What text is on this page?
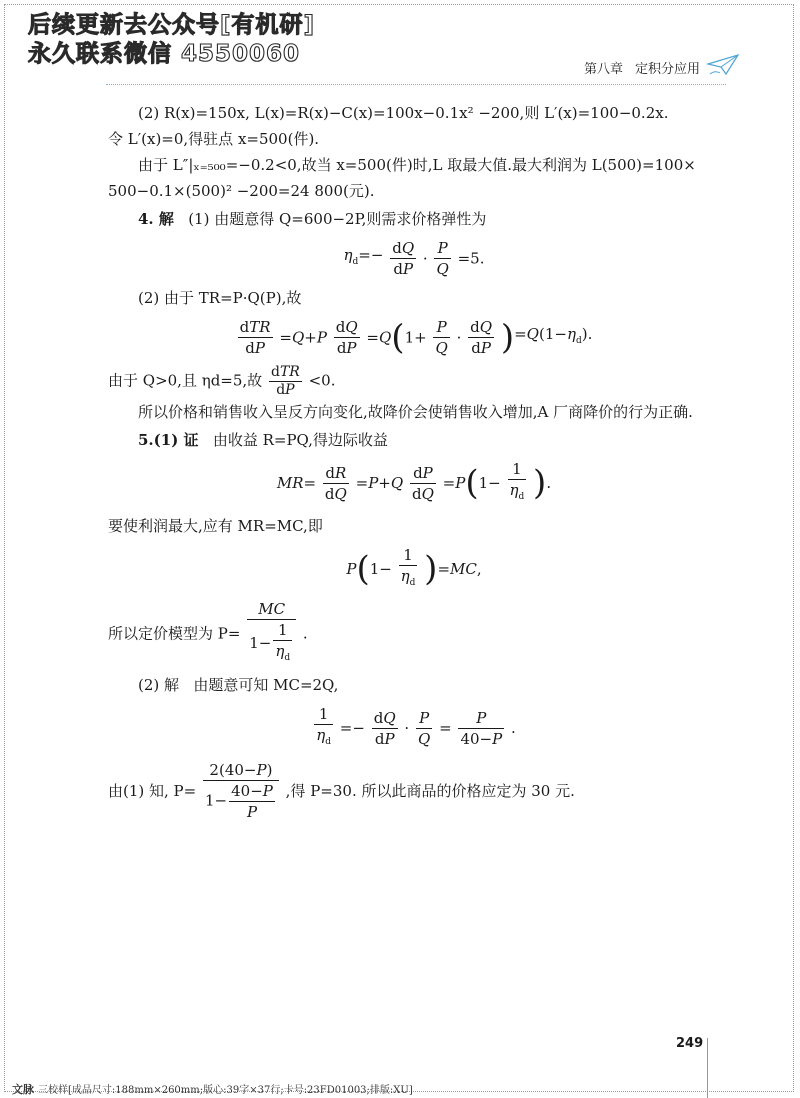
后续更新去公众号[有机研]
永久联系微信 4550060
第八章 定积分应用

(2) R(x)=150x, L(x)=R(x)−C(x)=100x−0.1x² −200,则 L′(x)=100−0.2x.

令 L′(x)=0,得驻点 x=500(件).

由于 L″|ₓ₌₅₀₀=−0.2<0,故当 x=500(件)时,L 取最大值.最大利润为 L(500)=100×

500−0.1×(500)² −200=24 800(元).

4. 解 (1) 由题意得 Q=600−2P,则需求价格弹性为

$\eta_d=- \frac{dQ}{dP} \cdot \frac{P}{Q} =5$.

(2) 由于 TR=P·Q(P),故

$\frac{\text{dTR}}{dP} =Q+P \frac{dQ}{dP} =Q(1+ \frac{P}{Q} \cdot \frac{dQ}{dP} )=Q(1-\eta_d)$.

由于 Q>0,且 ηd=5,故 $\frac{\text{dTR}}{dP} <0$.

所以价格和销售收入呈反方向变化,故降价会使销售收入增加,A 厂商降价的行为正确.

5.(1) 证 由收益 R=PQ,得边际收益

$MR= \frac{dR}{dQ} =P+Q \frac{dP}{dQ} =P(1- \frac{1}{\eta_d}$ ).

要使利润最大,应有 MR=MC,即

$P(1- \frac{1}{\eta_d} )=MC$,

所以定价模型为 $P= \frac{MC}{1- \frac{1}{\eta_d}}$ .

(2) 解 由题意可知 MC=2Q,

$\frac{1}{\eta_d} =- \frac{dQ}{dP} \cdot \frac{P}{Q} = \frac{P}{40-P}$ .

由(1) 知, $P= \frac{2(40-P)}{1- \frac{40-P}{P}}$ ,得 P=30. 所以此商品的价格应定为 30 元.

249
文脉 三校样[成品尺寸:188mm×260mm;版心:39字×37行;卡号:23FD01003;排版:XU]
